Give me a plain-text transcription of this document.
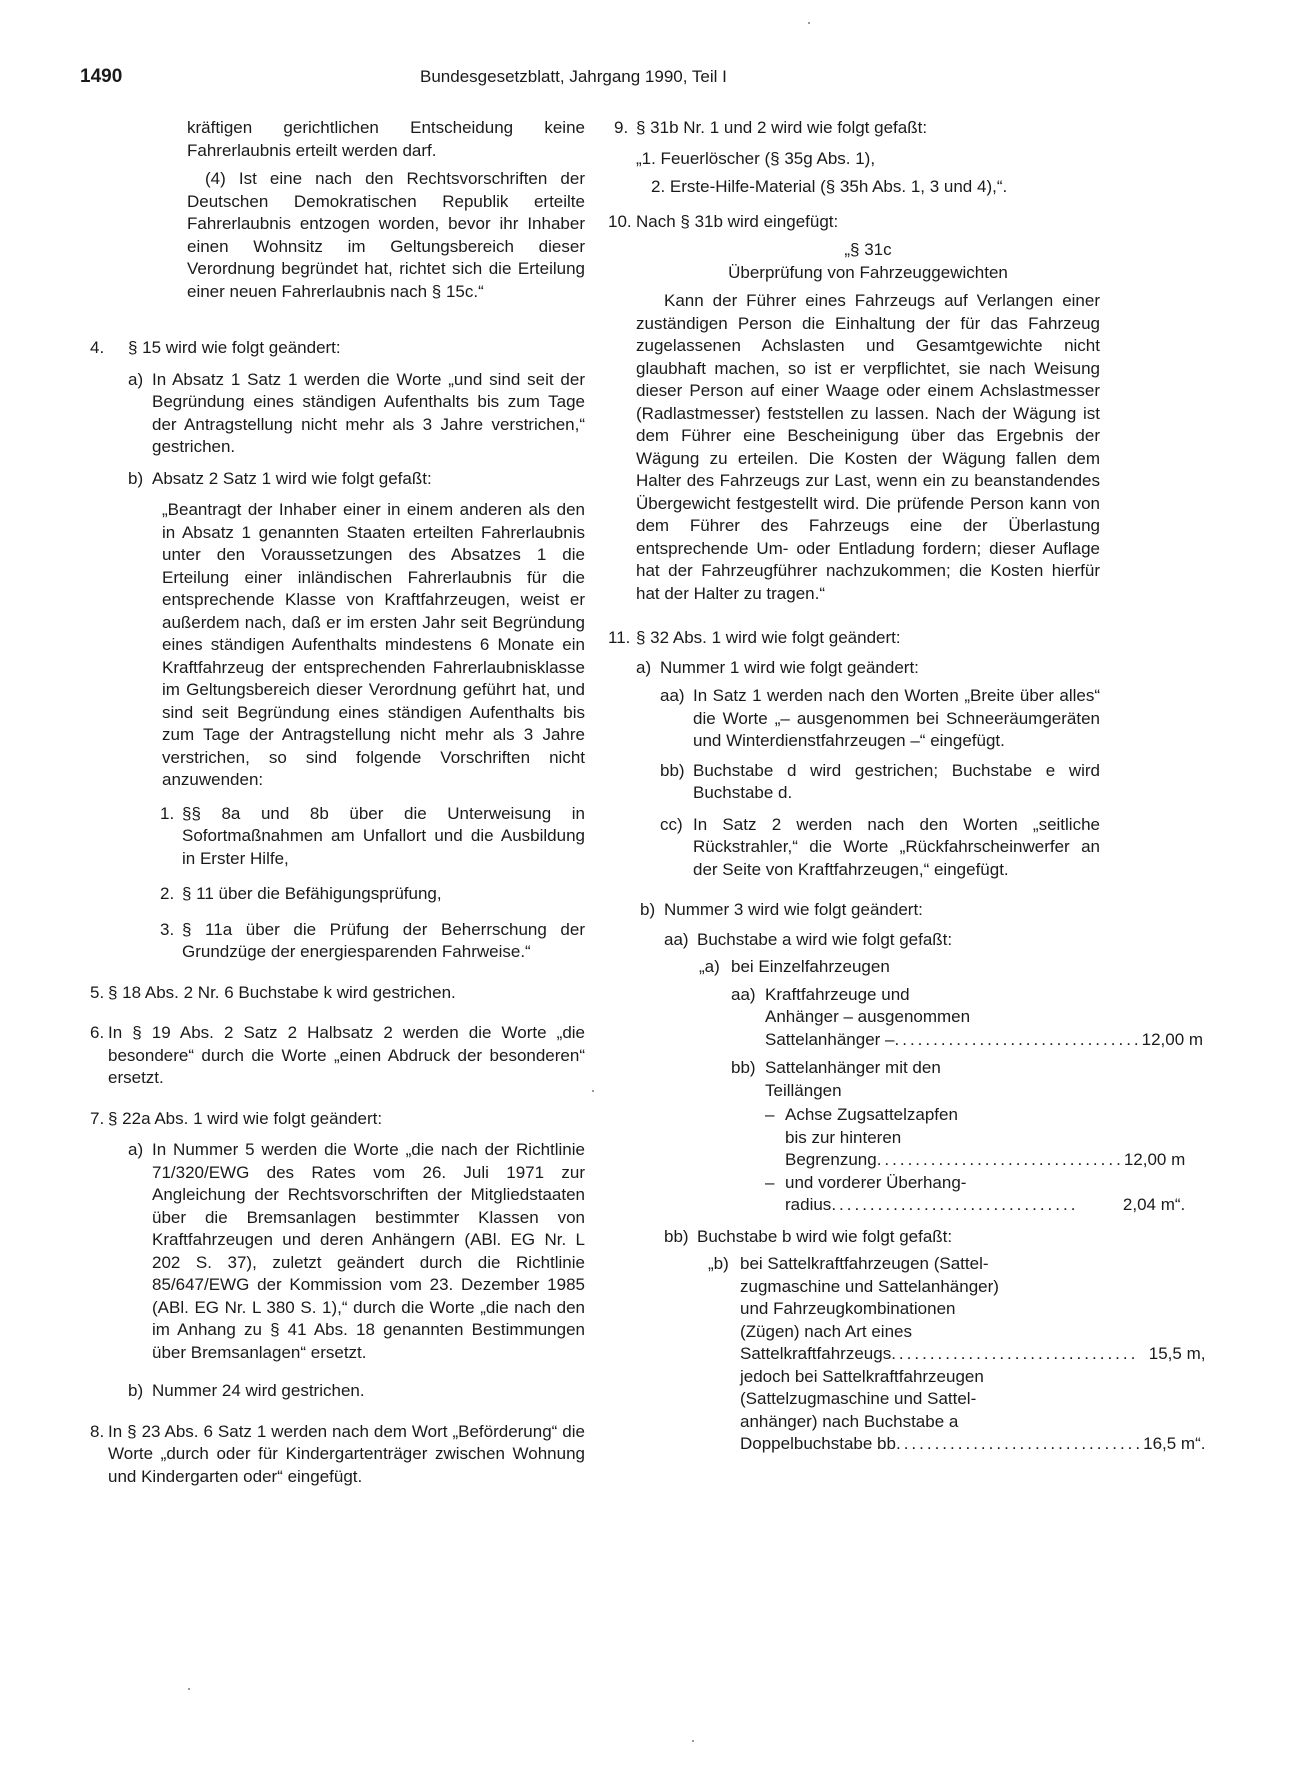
1490	Bundesgesetzblatt, Jahrgang 1990, Teil I

kräftigen gerichtlichen Entscheidung keine Fahrerlaubnis erteilt werden darf.

(4) Ist eine nach den Rechtsvorschriften der Deutschen Demokratischen Republik erteilte Fahrerlaubnis entzogen worden, bevor ihr Inhaber einen Wohnsitz im Geltungsbereich dieser Verordnung begründet hat, richtet sich die Erteilung einer neuen Fahrerlaubnis nach § 15c.“

4.	§ 15 wird wie folgt geändert:
a) In Absatz 1 Satz 1 werden die Worte „und sind seit der Begründung eines ständigen Aufenthalts bis zum Tage der Antragstellung nicht mehr als 3 Jahre verstrichen,“ gestrichen.
b) Absatz 2 Satz 1 wird wie folgt gefaßt:

„Beantragt der Inhaber einer in einem anderen als den in Absatz 1 genannten Staaten erteilten Fahrerlaubnis unter den Voraussetzungen des Absatzes 1 die Erteilung einer inländischen Fahrerlaubnis für die entsprechende Klasse von Kraftfahrzeugen, weist er außerdem nach, daß er im ersten Jahr seit Begründung eines ständigen Aufenthalts mindestens 6 Monate ein Kraftfahrzeug der entsprechenden Fahrerlaubnisklasse im Geltungsbereich dieser Verordnung geführt hat, und sind seit Begründung eines ständigen Aufenthalts bis zum Tage der Antragstellung nicht mehr als 3 Jahre verstrichen, so sind folgende Vorschriften nicht anzuwenden:

1. §§ 8a und 8b über die Unterweisung in Sofortmaßnahmen am Unfallort und die Ausbildung in Erster Hilfe,
2. § 11 über die Befähigungsprüfung,
3. § 11a über die Prüfung der Beherrschung der Grundzüge der energiesparenden Fahrweise.“
5. § 18 Abs. 2 Nr. 6 Buchstabe k wird gestrichen.
6. In § 19 Abs. 2 Satz 2 Halbsatz 2 werden die Worte „die besondere“ durch die Worte „einen Abdruck der besonderen“ ersetzt.
7. § 22a Abs. 1 wird wie folgt geändert:
a) In Nummer 5 werden die Worte „die nach der Richtlinie 71/320/EWG des Rates vom 26. Juli 1971 zur Angleichung der Rechtsvorschriften der Mitgliedstaaten über die Bremsanlagen bestimmter Klassen von Kraftfahrzeugen und deren Anhängern (ABl. EG Nr. L 202 S. 37), zuletzt geändert durch die Richtlinie 85/647/EWG der Kommission vom 23. Dezember 1985 (ABl. EG Nr. L 380 S. 1),“ durch die Worte „die nach den im Anhang zu § 41 Abs. 18 genannten Bestimmungen über Bremsanlagen“ ersetzt.
b) Nummer 24 wird gestrichen.
8. In § 23 Abs. 6 Satz 1 werden nach dem Wort „Beförderung“ die Worte „durch oder für Kindergartenträger zwischen Wohnung und Kindergarten oder“ eingefügt.
9. § 31b Nr. 1 und 2 wird wie folgt gefaßt:

„1. Feuerlöscher (§ 35g Abs. 1),

2. Erste-Hilfe-Material (§ 35h Abs. 1, 3 und 4),“.

10. Nach § 31b wird eingefügt:

„§ 31c

Überprüfung von Fahrzeuggewichten

Kann der Führer eines Fahrzeugs auf Verlangen einer zuständigen Person die Einhaltung der für das Fahrzeug zugelassenen Achslasten und Gesamtgewichte nicht glaubhaft machen, so ist er verpflichtet, sie nach Weisung dieser Person auf einer Waage oder einem Achslastmesser (Radlastmesser) feststellen zu lassen. Nach der Wägung ist dem Führer eine Bescheinigung über das Ergebnis der Wägung zu erteilen. Die Kosten der Wägung fallen dem Halter des Fahrzeugs zur Last, wenn ein zu beanstandendes Übergewicht festgestellt wird. Die prüfende Person kann von dem Führer des Fahrzeugs eine der Überlastung entsprechende Um- oder Entladung fordern; dieser Auflage hat der Fahrzeugführer nachzukommen; die Kosten hierfür hat der Halter zu tragen.“

11. § 32 Abs. 1 wird wie folgt geändert:
a) Nummer 1 wird wie folgt geändert:
aa) In Satz 1 werden nach den Worten „Breite über alles“ die Worte „– ausgenommen bei Schneeräumgeräten und Winterdienstfahrzeugen –“ eingefügt.
bb) Buchstabe d wird gestrichen; Buchstabe e wird Buchstabe d.
cc) In Satz 2 werden nach den Worten „seitliche Rückstrahler,“ die Worte „Rückfahrscheinwerfer an der Seite von Kraftfahrzeugen,“ eingefügt.
b) Nummer 3 wird wie folgt geändert:
aa) Buchstabe a wird wie folgt gefaßt:
„a) bei Einzelfahrzeugen
aa) Kraftfahrzeuge und
Anhänger – ausgenommen
Sattelanhänger – ................................ 12,00 m
bb) Sattelanhänger mit den
Teillängen
– Achse Zugsattelzapfen
bis zur hinteren
Begrenzung ................................ 12,00 m
– und vorderer Überhang-
radius ................................	2,04 m“.
bb) Buchstabe b wird wie folgt gefaßt:
„b) bei Sattelkraftfahrzeugen (Sattel-
zugmaschine und Sattelanhänger)
und Fahrzeugkombinationen
(Zügen) nach Art eines
Sattelkraftfahrzeugs ................................ 15,5 m,
jedoch bei Sattelkraftfahrzeugen
(Sattelzugmaschine und Sattel-
anhänger) nach Buchstabe a
Doppelbuchstabe bb ................................ 16,5 m“.
